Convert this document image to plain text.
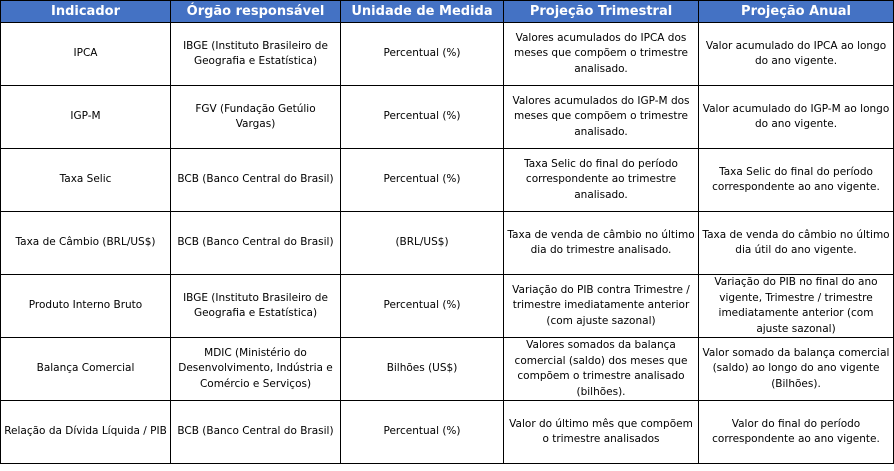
Indicador	Órgão responsável	Unidade de Medida	Projeção Trimestral	Projeção Anual
IPCA	IBGE (Instituto Brasileiro de Geografia e Estatística)	Percentual (%)	Valores acumulados do IPCA dos meses que compõem o trimestre analisado.	Valor acumulado do IPCA ao longo do ano vigente.
IGP-M	FGV (Fundação Getúlio Vargas)	Percentual (%)	Valores acumulados do IGP-M dos meses que compõem o trimestre analisado.	Valor acumulado do IGP-M ao longo do ano vigente.
Taxa Selic	BCB (Banco Central do Brasil)	Percentual (%)	Taxa Selic do final do período correspondente ao trimestre analisado.	Taxa Selic do final do período correspondente ao ano vigente.
Taxa de Câmbio (BRL/US$)	BCB (Banco Central do Brasil)	(BRL/US$)	Taxa de venda de câmbio no último dia do trimestre analisado.	Taxa de venda do câmbio no último dia útil do ano vigente.
Produto Interno Bruto	IBGE (Instituto Brasileiro de Geografia e Estatística)	Percentual (%)	Variação do PIB contra Trimestre / trimestre imediatamente anterior (com ajuste sazonal)	Variação do PIB no final do ano vigente, Trimestre / trimestre imediatamente anterior (com ajuste sazonal)
Balança Comercial	MDIC (Ministério do Desenvolvimento, Indústria e Comércio e Serviços)	Bilhões (US$)	Valores somados da balança comercial (saldo) dos meses que compõem o trimestre analisado (bilhões).	Valor somado da balança comercial (saldo) ao longo do ano vigente (Bilhões).
Relação da Dívida Líquida / PIB	BCB (Banco Central do Brasil)	Percentual (%)	Valor do último mês que compõem o trimestre analisados	Valor do final do período correspondente ao ano vigente.
